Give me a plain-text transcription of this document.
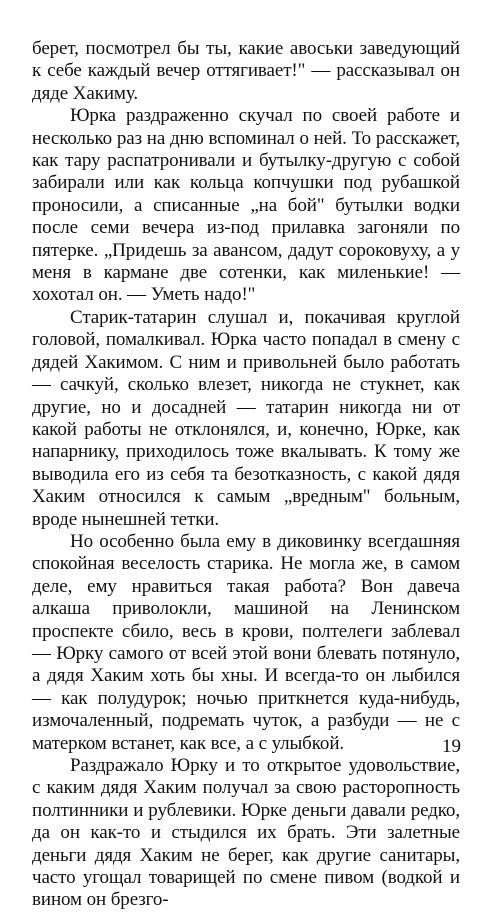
берет, посмотрел бы ты, какие авоськи заведующий к себе каждый вечер оттягивает!" — рассказывал он дяде Хакиму.

Юрка раздраженно скучал по своей работе и несколько раз на дню вспоминал о ней. То расскажет, как тару распатронивали и бутылку-другую с собой забирали или как кольца копчушки под рубашкой проносили, а списанные „на бой" бутылки водки после семи вечера из-под прилавка загоняли по пятерке. „Придешь за авансом, дадут сороковуху, а у меня в кармане две сотенки, как миленькие! — хохотал он. — Уметь надо!"

Старик-татарин слушал и, покачивая круглой головой, помалкивал. Юрка часто попадал в смену с дядей Хакимом. С ним и привольней было работать — сачкуй, сколько влезет, никогда не стукнет, как другие, но и досадней — татарин никогда ни от какой работы не отклонялся, и, конечно, Юрке, как напарнику, приходилось тоже вкалывать. К тому же выводила его из себя та безотказность, с какой дядя Хаким относился к самым „вредным" больным, вроде нынешней тетки.

Но особенно была ему в диковинку всегдашняя спокойная веселость старика. Не могла же, в самом деле, ему нравиться такая работа? Вон давеча алкаша приволокли, машиной на Ленинском проспекте сбило, весь в крови, полтелеги заблевал — Юрку самого от всей этой вони блевать потянуло, а дядя Хаким хоть бы хны. И всегда-то он лыбился — как полудурок; ночью приткнется куда-нибудь, измочаленный, подремать чуток, а разбуди — не с матерком встанет, как все, а с улыбкой.

Раздражало Юрку и то открытое удовольствие, с каким дядя Хаким получал за свою расторопность полтинники и рублевики. Юрке деньги давали редко, да он как-то и стыдился их брать. Эти залетные деньги дядя Хаким не берег, как другие санитары, часто угощал товарищей по смене пивом (водкой и вином он брезго-

19
